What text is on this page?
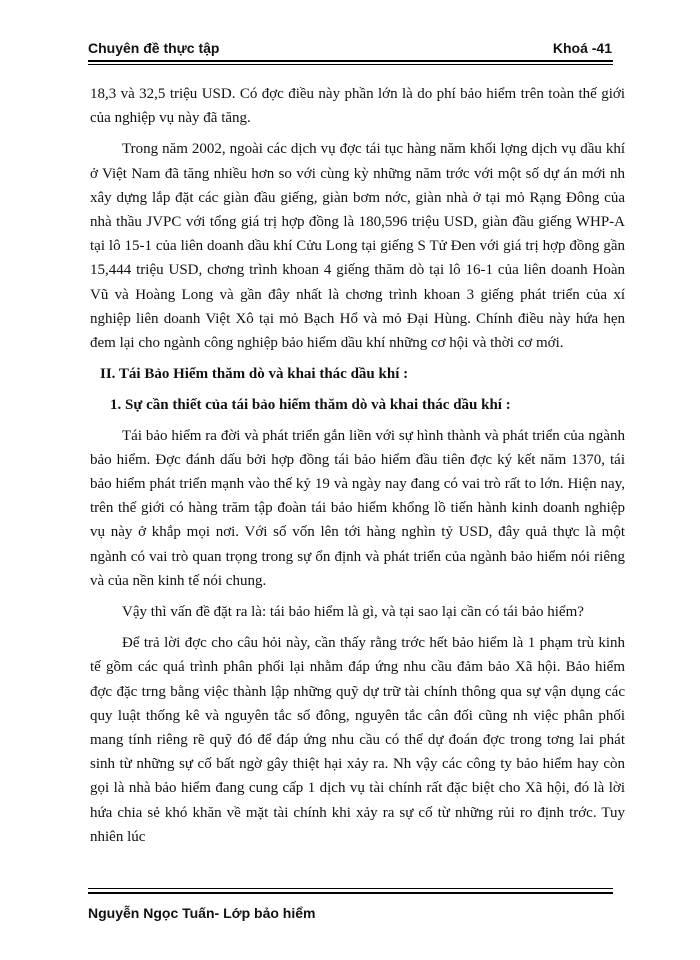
Chuyên đề thực tập	Khoá -41

18,3 và 32,5 triệu USD. Có đợc điều này phần lớn là do phí bảo hiểm trên toàn thế giới của nghiệp vụ này đã tăng.

Trong năm 2002, ngoài các dịch vụ đợc tái tục hàng năm khối lợng dịch vụ dầu khí ở Việt Nam đã tăng nhiều hơn so với cùng kỳ những năm trớc với một số dự án mới nh xây dựng lắp đặt các giàn đầu giếng, giàn bơm nớc, giàn nhà ở tại mỏ Rạng Đông của nhà thầu JVPC với tổng giá trị hợp đồng là 180,596 triệu USD, giàn đầu giếng WHP-A tại lô 15-1 của liên doanh dầu khí Cửu Long tại giếng S Tử Đen với giá trị hợp đồng gần 15,444 triệu USD, chơng trình khoan 4 giếng thăm dò tại lô 16-1 của liên doanh Hoàn Vũ và Hoàng Long và gần đây nhất là chơng trình khoan 3 giếng phát triển của xí nghiệp liên doanh Việt Xô tại mỏ Bạch Hổ và mỏ Đại Hùng. Chính điều này hứa hẹn đem lại cho ngành công nghiệp bảo hiểm dầu khí những cơ hội và thời cơ mới.

II. Tái Bảo Hiểm thăm dò và khai thác dầu khí :
1. Sự cần thiết của tái bảo hiểm thăm dò và khai thác dầu khí :

Tái bảo hiểm ra đời và phát triển gắn liền với sự hình thành và phát triển của ngành bảo hiểm. Đợc đánh dấu bởi hợp đồng tái bảo hiểm đầu tiên đợc ký kết năm 1370, tái bảo hiểm phát triển mạnh vào thế kỷ 19 và ngày nay đang có vai trò rất to lớn. Hiện nay, trên thế giới có hàng trăm tập đoàn tái bảo hiểm khổng lồ tiến hành kinh doanh nghiệp vụ này ở khắp mọi nơi. Với số vốn lên tới hàng nghìn tỷ USD, đây quả thực là một ngành có vai trò quan trọng trong sự ổn định và phát triển của ngành bảo hiểm nói riêng và của nền kinh tế nói chung.

Vậy thì vấn đề đặt ra là: tái bảo hiểm là gì, và tại sao lại cần có tái bảo hiểm?

Để trả lời đợc cho câu hỏi này, cần thấy rằng trớc hết bảo hiểm là 1 phạm trù kinh tế gồm các quá trình phân phối lại nhằm đáp ứng nhu cầu đảm bảo Xã hội. Bảo hiểm đợc đặc trng bằng việc thành lập những quỹ dự trữ tài chính thông qua sự vận dụng các quy luật thống kê và nguyên tắc số đông, nguyên tắc cân đối cũng nh việc phân phối mang tính riêng rẽ quỹ đó để đáp ứng nhu cầu có thể dự đoán đợc trong tơng lai phát sinh từ những sự cố bất ngờ gây thiệt hại xảy ra. Nh vậy các công ty bảo hiểm hay còn gọi là nhà bảo hiểm đang cung cấp 1 dịch vụ tài chính rất đặc biệt cho Xã hội, đó là lời hứa chia sẻ khó khăn về mặt tài chính khi xảy ra sự cố từ những rủi ro định trớc. Tuy nhiên lúc

Nguyễn Ngọc Tuấn- Lớp bảo hiểm
